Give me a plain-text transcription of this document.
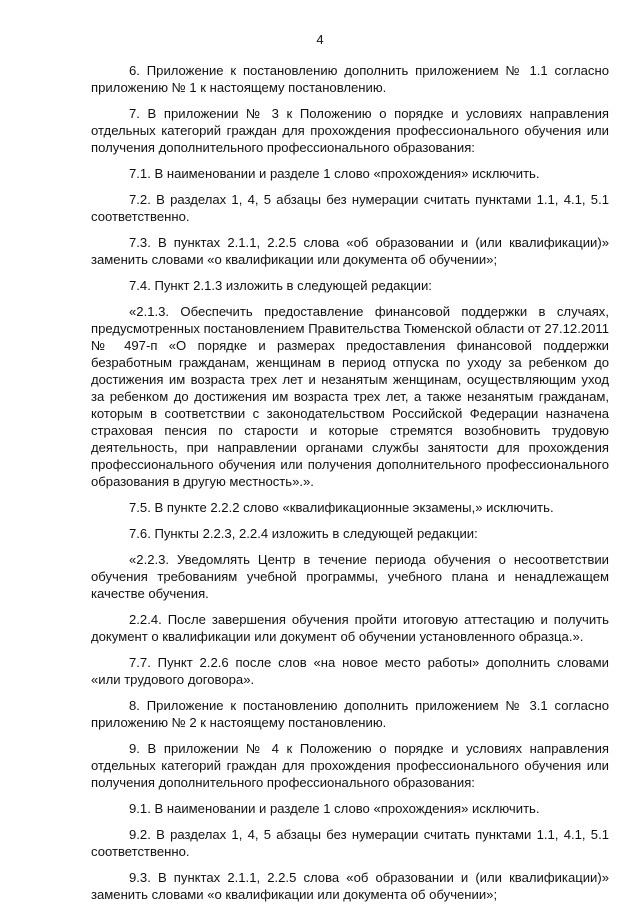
4

6. Приложение к постановлению дополнить приложением № 1.1 согласно приложению № 1 к настоящему постановлению.

7. В приложении № 3 к Положению о порядке и условиях направления отдельных категорий граждан для прохождения профессионального обучения или получения дополнительного профессионального образования:

7.1. В наименовании и разделе 1 слово «прохождения» исключить.

7.2. В разделах 1, 4, 5 абзацы без нумерации считать пунктами 1.1, 4.1, 5.1 соответственно.

7.3. В пунктах 2.1.1, 2.2.5 слова «об образовании и (или квалификации)» заменить словами «о квалификации или документа об обучении»;

7.4. Пункт 2.1.3 изложить в следующей редакции:

«2.1.3. Обеспечить предоставление финансовой поддержки в случаях, предусмотренных постановлением Правительства Тюменской области от 27.12.2011 № 497-п «О порядке и размерах предоставления финансовой поддержки безработным гражданам, женщинам в период отпуска по уходу за ребенком до достижения им возраста трех лет и незанятым женщинам, осуществляющим уход за ребенком до достижения им возраста трех лет, а также незанятым гражданам, которым в соответствии с законодательством Российской Федерации назначена страховая пенсия по старости и которые стремятся возобновить трудовую деятельность, при направлении органами службы занятости для прохождения профессионального обучения или получения дополнительного профессионального образования в другую местность».».

7.5. В пункте 2.2.2 слово «квалификационные экзамены,» исключить.

7.6. Пункты 2.2.3, 2.2.4 изложить в следующей редакции:

«2.2.3. Уведомлять Центр в течение периода обучения о несоответствии обучения требованиям учебной программы, учебного плана и ненадлежащем качестве обучения.

2.2.4. После завершения обучения пройти итоговую аттестацию и получить документ о квалификации или документ об обучении установленного образца.».

7.7. Пункт 2.2.6 после слов «на новое место работы» дополнить словами «или трудового договора».

8. Приложение к постановлению дополнить приложением № 3.1 согласно приложению № 2 к настоящему постановлению.

9. В приложении № 4 к Положению о порядке и условиях направления отдельных категорий граждан для прохождения профессионального обучения или получения дополнительного профессионального образования:

9.1. В наименовании и разделе 1 слово «прохождения» исключить.

9.2. В разделах 1, 4, 5 абзацы без нумерации считать пунктами 1.1, 4.1, 5.1 соответственно.

9.3. В пунктах 2.1.1, 2.2.5 слова «об образовании и (или квалификации)» заменить словами «о квалификации или документа об обучении»;
